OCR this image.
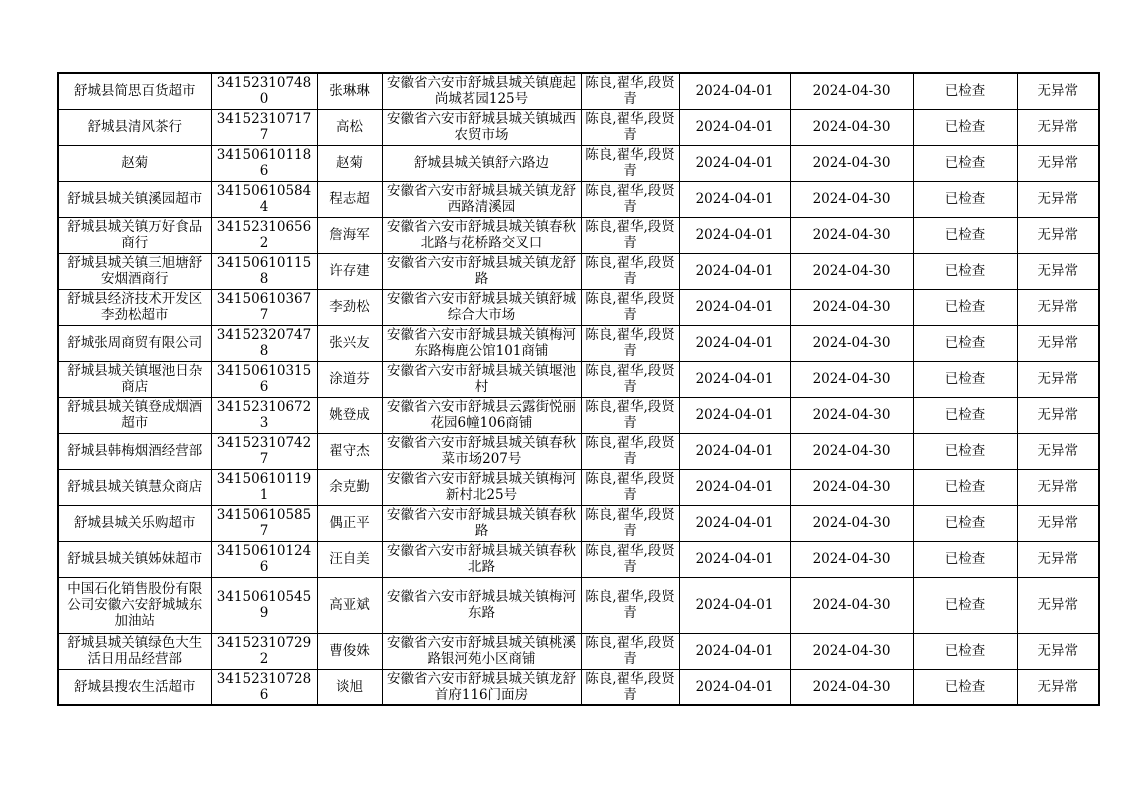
舒城县简思百货超市	341523107480	张琳琳	安徽省六安市舒城县城关镇鹿起尚城茗园125号	陈良,翟华,段贤青	2024-04-01	2024-04-30	已检查	无异常
舒城县清风茶行	341523107177	高松	安徽省六安市舒城县城关镇城西农贸市场	陈良,翟华,段贤青	2024-04-01	2024-04-30	已检查	无异常
赵菊	341506101186	赵菊	舒城县城关镇舒六路边	陈良,翟华,段贤青	2024-04-01	2024-04-30	已检查	无异常
舒城县城关镇溪园超市	341506105844	程志超	安徽省六安市舒城县城关镇龙舒西路清溪园	陈良,翟华,段贤青	2024-04-01	2024-04-30	已检查	无异常
舒城县城关镇万好食品商行	341523106562	詹海军	安徽省六安市舒城县城关镇春秋北路与花桥路交叉口	陈良,翟华,段贤青	2024-04-01	2024-04-30	已检查	无异常
舒城县城关镇三旭塘舒安烟酒商行	341506101158	许存建	安徽省六安市舒城县城关镇龙舒路	陈良,翟华,段贤青	2024-04-01	2024-04-30	已检查	无异常
舒城县经济技术开发区李劲松超市	341506103677	李劲松	安徽省六安市舒城县城关镇舒城综合大市场	陈良,翟华,段贤青	2024-04-01	2024-04-30	已检查	无异常
舒城张周商贸有限公司	341523207478	张兴友	安徽省六安市舒城县城关镇梅河东路梅鹿公馆101商铺	陈良,翟华,段贤青	2024-04-01	2024-04-30	已检查	无异常
舒城县城关镇堰池日杂商店	341506103156	涂道芬	安徽省六安市舒城县城关镇堰池村	陈良,翟华,段贤青	2024-04-01	2024-04-30	已检查	无异常
舒城县城关镇登成烟酒超市	341523106723	姚登成	安徽省六安市舒城县云露街悦丽花园6幢106商铺	陈良,翟华,段贤青	2024-04-01	2024-04-30	已检查	无异常
舒城县韩梅烟酒经营部	341523107427	翟守杰	安徽省六安市舒城县城关镇春秋菜市场207号	陈良,翟华,段贤青	2024-04-01	2024-04-30	已检查	无异常
舒城县城关镇慧众商店	341506101191	余克勤	安徽省六安市舒城县城关镇梅河新村北25号	陈良,翟华,段贤青	2024-04-01	2024-04-30	已检查	无异常
舒城县城关乐购超市	341506105857	偶正平	安徽省六安市舒城县城关镇春秋路	陈良,翟华,段贤青	2024-04-01	2024-04-30	已检查	无异常
舒城县城关镇姊妹超市	341506101246	汪自美	安徽省六安市舒城县城关镇春秋北路	陈良,翟华,段贤青	2024-04-01	2024-04-30	已检查	无异常
中国石化销售股份有限公司安徽六安舒城城东加油站	341506105459	高亚斌	安徽省六安市舒城县城关镇梅河东路	陈良,翟华,段贤青	2024-04-01	2024-04-30	已检查	无异常
舒城县城关镇绿色大生活日用品经营部	341523107292	曹俊姝	安徽省六安市舒城县城关镇桃溪路银河苑小区商铺	陈良,翟华,段贤青	2024-04-01	2024-04-30	已检查	无异常
舒城县搜农生活超市	341523107286	谈旭	安徽省六安市舒城县城关镇龙舒首府116门面房	陈良,翟华,段贤青	2024-04-01	2024-04-30	已检查	无异常
